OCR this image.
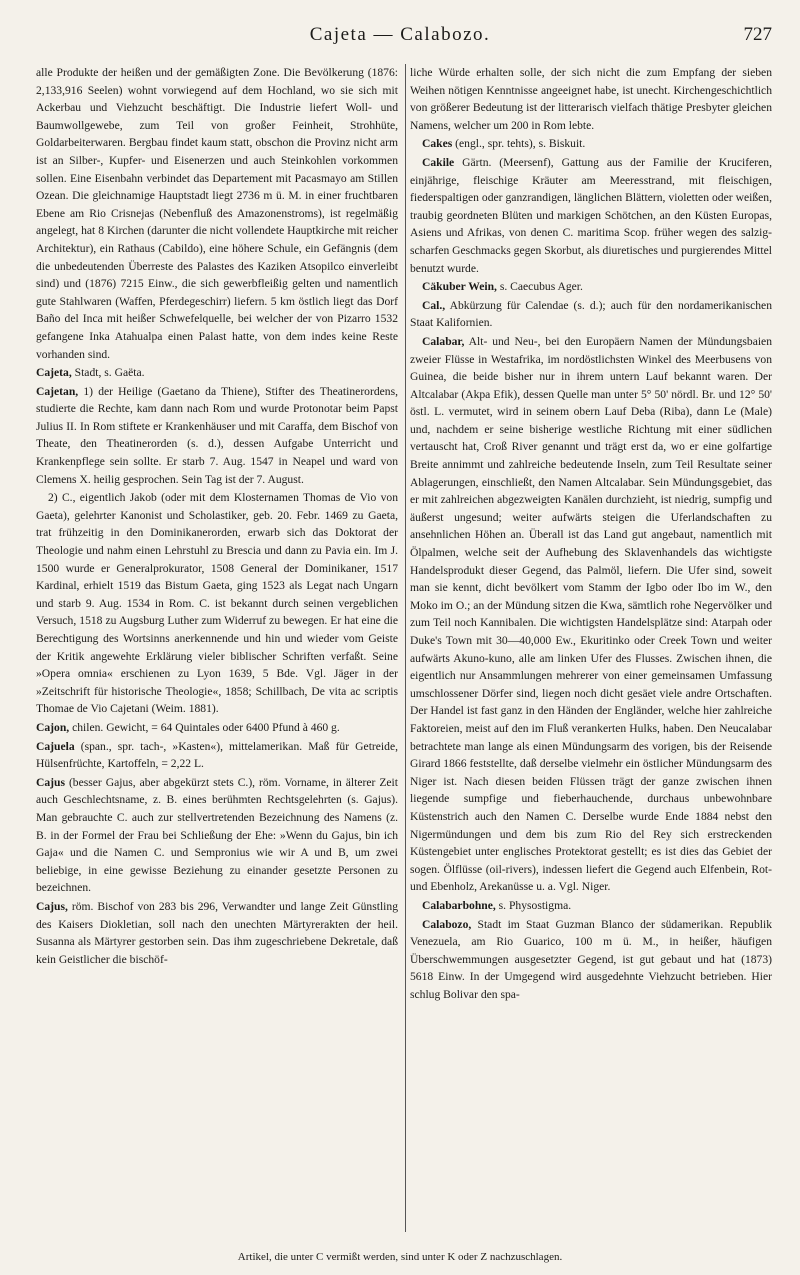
Cajeta — Calabozo.	727

alle Produkte der heißen und der gemäßigten Zone. Die Bevölkerung (1876: 2,133,916 Seelen) wohnt vorwiegend auf dem Hochland, wo sie sich mit Ackerbau und Viehzucht beschäftigt. Die Industrie liefert Woll- und Baumwollgewebe, zum Teil von großer Feinheit, Strohhüte, Goldarbeiterwaren. Bergbau findet kaum statt, obschon die Provinz nicht arm ist an Silber-, Kupfer- und Eisenerzen und auch Steinkohlen vorkommen sollen. Eine Eisenbahn verbindet das Departement mit Pacasmayo am Stillen Ozean. Die gleichnamige Hauptstadt liegt 2736 m ü. M. in einer fruchtbaren Ebene am Rio Crisnejas (Nebenfluß des Amazonenstroms), ist regelmäßig angelegt, hat 8 Kirchen (darunter die nicht vollendete Hauptkirche mit reicher Architektur), ein Rathaus (Cabildo), eine höhere Schule, ein Gefängnis (dem die unbedeutenden Überreste des Palastes des Kaziken Atsopilco einverleibt sind) und (1876) 7215 Einw., die sich gewerbfleißig gelten und namentlich gute Stahlwaren (Waffen, Pferdegeschirr) liefern. 5 km östlich liegt das Dorf Baño del Inca mit heißer Schwefelquelle, bei welcher der von Pizarro 1532 gefangene Inka Atahualpa einen Palast hatte, von dem indes keine Reste vorhanden sind.

Cajeta, Stadt, s. Gaëta.

Cajetan, 1) der Heilige (Gaetano da Thiene), Stifter des Theatinerordens, studierte die Rechte, kam dann nach Rom und wurde Protonotar beim Papst Julius II. In Rom stiftete er Krankenhäuser und mit Caraffa, dem Bischof von Theate, den Theatinerorden (s. d.), dessen Aufgabe Unterricht und Krankenpflege sein sollte. Er starb 7. Aug. 1547 in Neapel und ward von Clemens X. heilig gesprochen. Sein Tag ist der 7. August.

2) C., eigentlich Jakob (oder mit dem Klosternamen Thomas de Vio von Gaeta), gelehrter Kanonist und Scholastiker, geb. 20. Febr. 1469 zu Gaeta, trat frühzeitig in den Dominikanerorden, erwarb sich das Doktorat der Theologie und nahm einen Lehrstuhl zu Brescia und dann zu Pavia ein. Im J. 1500 wurde er Generalprokurator, 1508 General der Dominikaner, 1517 Kardinal, erhielt 1519 das Bistum Gaeta, ging 1523 als Legat nach Ungarn und starb 9. Aug. 1534 in Rom. C. ist bekannt durch seinen vergeblichen Versuch, 1518 zu Augsburg Luther zum Widerruf zu bewegen. Er hat eine die Berechtigung des Wortsinns anerkennende und hin und wieder vom Geiste der Kritik angewehte Erklärung vieler biblischer Schriften verfaßt. Seine »Opera omnia« erschienen zu Lyon 1639, 5 Bde. Vgl. Jäger in der »Zeitschrift für historische Theologie«, 1858; Schillbach, De vita ac scriptis Thomae de Vio Cajetani (Weim. 1881).

Cajon, chilen. Gewicht, = 64 Quintales oder 6400 Pfund à 460 g.

Cajuela (span., spr. tach-, »Kasten«), mittelamerikan. Maß für Getreide, Hülsenfrüchte, Kartoffeln, = 2,22 L.

Cajus (besser Gajus, aber abgekürzt stets C.), röm. Vorname, in älterer Zeit auch Geschlechtsname, z. B. eines berühmten Rechtsgelehrten (s. Gajus). Man gebrauchte C. auch zur stellvertretenden Bezeichnung des Namens (z. B. in der Formel der Frau bei Schließung der Ehe: »Wenn du Gajus, bin ich Gaja« und die Namen C. und Sempronius wie wir A und B, um zwei beliebige, in eine gewisse Beziehung zu einander gesetzte Personen zu bezeichnen.

Cajus, röm. Bischof von 283 bis 296, Verwandter und lange Zeit Günstling des Kaisers Diokletian, soll nach den unechten Märtyrerakten der heil. Susanna als Märtyrer gestorben sein. Das ihm zugeschriebene Dekretale, daß kein Geistlicher die bischöf-

liche Würde erhalten solle, der sich nicht die zum Empfang der sieben Weihen nötigen Kenntnisse angeeignet habe, ist unecht. Kirchengeschichtlich von größerer Bedeutung ist der litterarisch vielfach thätige Presbyter gleichen Namens, welcher um 200 in Rom lebte.

Cakes (engl., spr. tehts), s. Biskuit.

Cakile Gärtn. (Meersenf), Gattung aus der Familie der Kruciferen, einjährige, fleischige Kräuter am Meeresstrand, mit fleischigen, fiederspaltigen oder ganzrandigen, länglichen Blättern, violetten oder weißen, traubig geordneten Blüten und markigen Schötchen, an den Küsten Europas, Asiens und Afrikas, von denen C. maritima Scop. früher wegen des salzig-scharfen Geschmacks gegen Skorbut, als diuretisches und purgierendes Mittel benutzt wurde.

Cäkuber Wein, s. Caecubus Ager.

Cal., Abkürzung für Calendae (s. d.); auch für den nordamerikanischen Staat Kalifornien.

Calabar, Alt- und Neu-, bei den Europäern Namen der Mündungsbaien zweier Flüsse in Westafrika, im nordöstlichsten Winkel des Meerbusens von Guinea, die beide bisher nur in ihrem untern Lauf bekannt waren. Der Altcalabar (Akpa Efik), dessen Quelle man unter 5° 50' nördl. Br. und 12° 50' östl. L. vermutet, wird in seinem obern Lauf Deba (Riba), dann Le (Male) und, nachdem er seine bisherige westliche Richtung mit einer südlichen vertauscht hat, Croß River genannt und trägt erst da, wo er eine golfartige Breite annimmt und zahlreiche bedeutende Inseln, zum Teil Resultate seiner Ablagerungen, einschließt, den Namen Altcalabar. Sein Mündungsgebiet, das er mit zahlreichen abgezweigten Kanälen durchzieht, ist niedrig, sumpfig und äußerst ungesund; weiter aufwärts steigen die Uferlandschaften zu ansehnlichen Höhen an. Überall ist das Land gut angebaut, namentlich mit Ölpalmen, welche seit der Aufhebung des Sklavenhandels das wichtigste Handelsprodukt dieser Gegend, das Palmöl, liefern. Die Ufer sind, soweit man sie kennt, dicht bevölkert vom Stamm der Igbo oder Ibo im W., den Moko im O.; an der Mündung sitzen die Kwa, sämtlich rohe Negervölker und zum Teil noch Kannibalen. Die wichtigsten Handelsplätze sind: Atarpah oder Duke's Town mit 30—40,000 Ew., Ekuritinko oder Creek Town und weiter aufwärts Akuno-kuno, alle am linken Ufer des Flusses. Zwischen ihnen, die eigentlich nur Ansammlungen mehrerer von einer gemeinsamen Umfassung umschlossener Dörfer sind, liegen noch dicht gesäet viele andre Ortschaften. Der Handel ist fast ganz in den Händen der Engländer, welche hier zahlreiche Faktoreien, meist auf den im Fluß verankerten Hulks, haben. Den Neucalabar betrachtete man lange als einen Mündungsarm des vorigen, bis der Reisende Girard 1866 feststellte, daß derselbe vielmehr ein östlicher Mündungsarm des Niger ist. Nach diesen beiden Flüssen trägt der ganze zwischen ihnen liegende sumpfige und fieberhauchende, durchaus unbewohnbare Küstenstrich auch den Namen C. Derselbe wurde Ende 1884 nebst den Nigermündungen und dem bis zum Rio del Rey sich erstreckenden Küstengebiet unter englisches Protektorat gestellt; es ist dies das Gebiet der sogen. Ölflüsse (oil-rivers), indessen liefert die Gegend auch Elfenbein, Rot- und Ebenholz, Arekanüsse u. a. Vgl. Niger.

Calabarbohne, s. Physostigma.

Calabozo, Stadt im Staat Guzman Blanco der südamerikan. Republik Venezuela, am Rio Guarico, 100 m ü. M., in heißer, häufigen Überschwemmungen ausgesetzter Gegend, ist gut gebaut und hat (1873) 5618 Einw. In der Umgegend wird ausgedehnte Viehzucht betrieben. Hier schlug Bolivar den spa-

Artikel, die unter C vermißt werden, sind unter K oder Z nachzuschlagen.
